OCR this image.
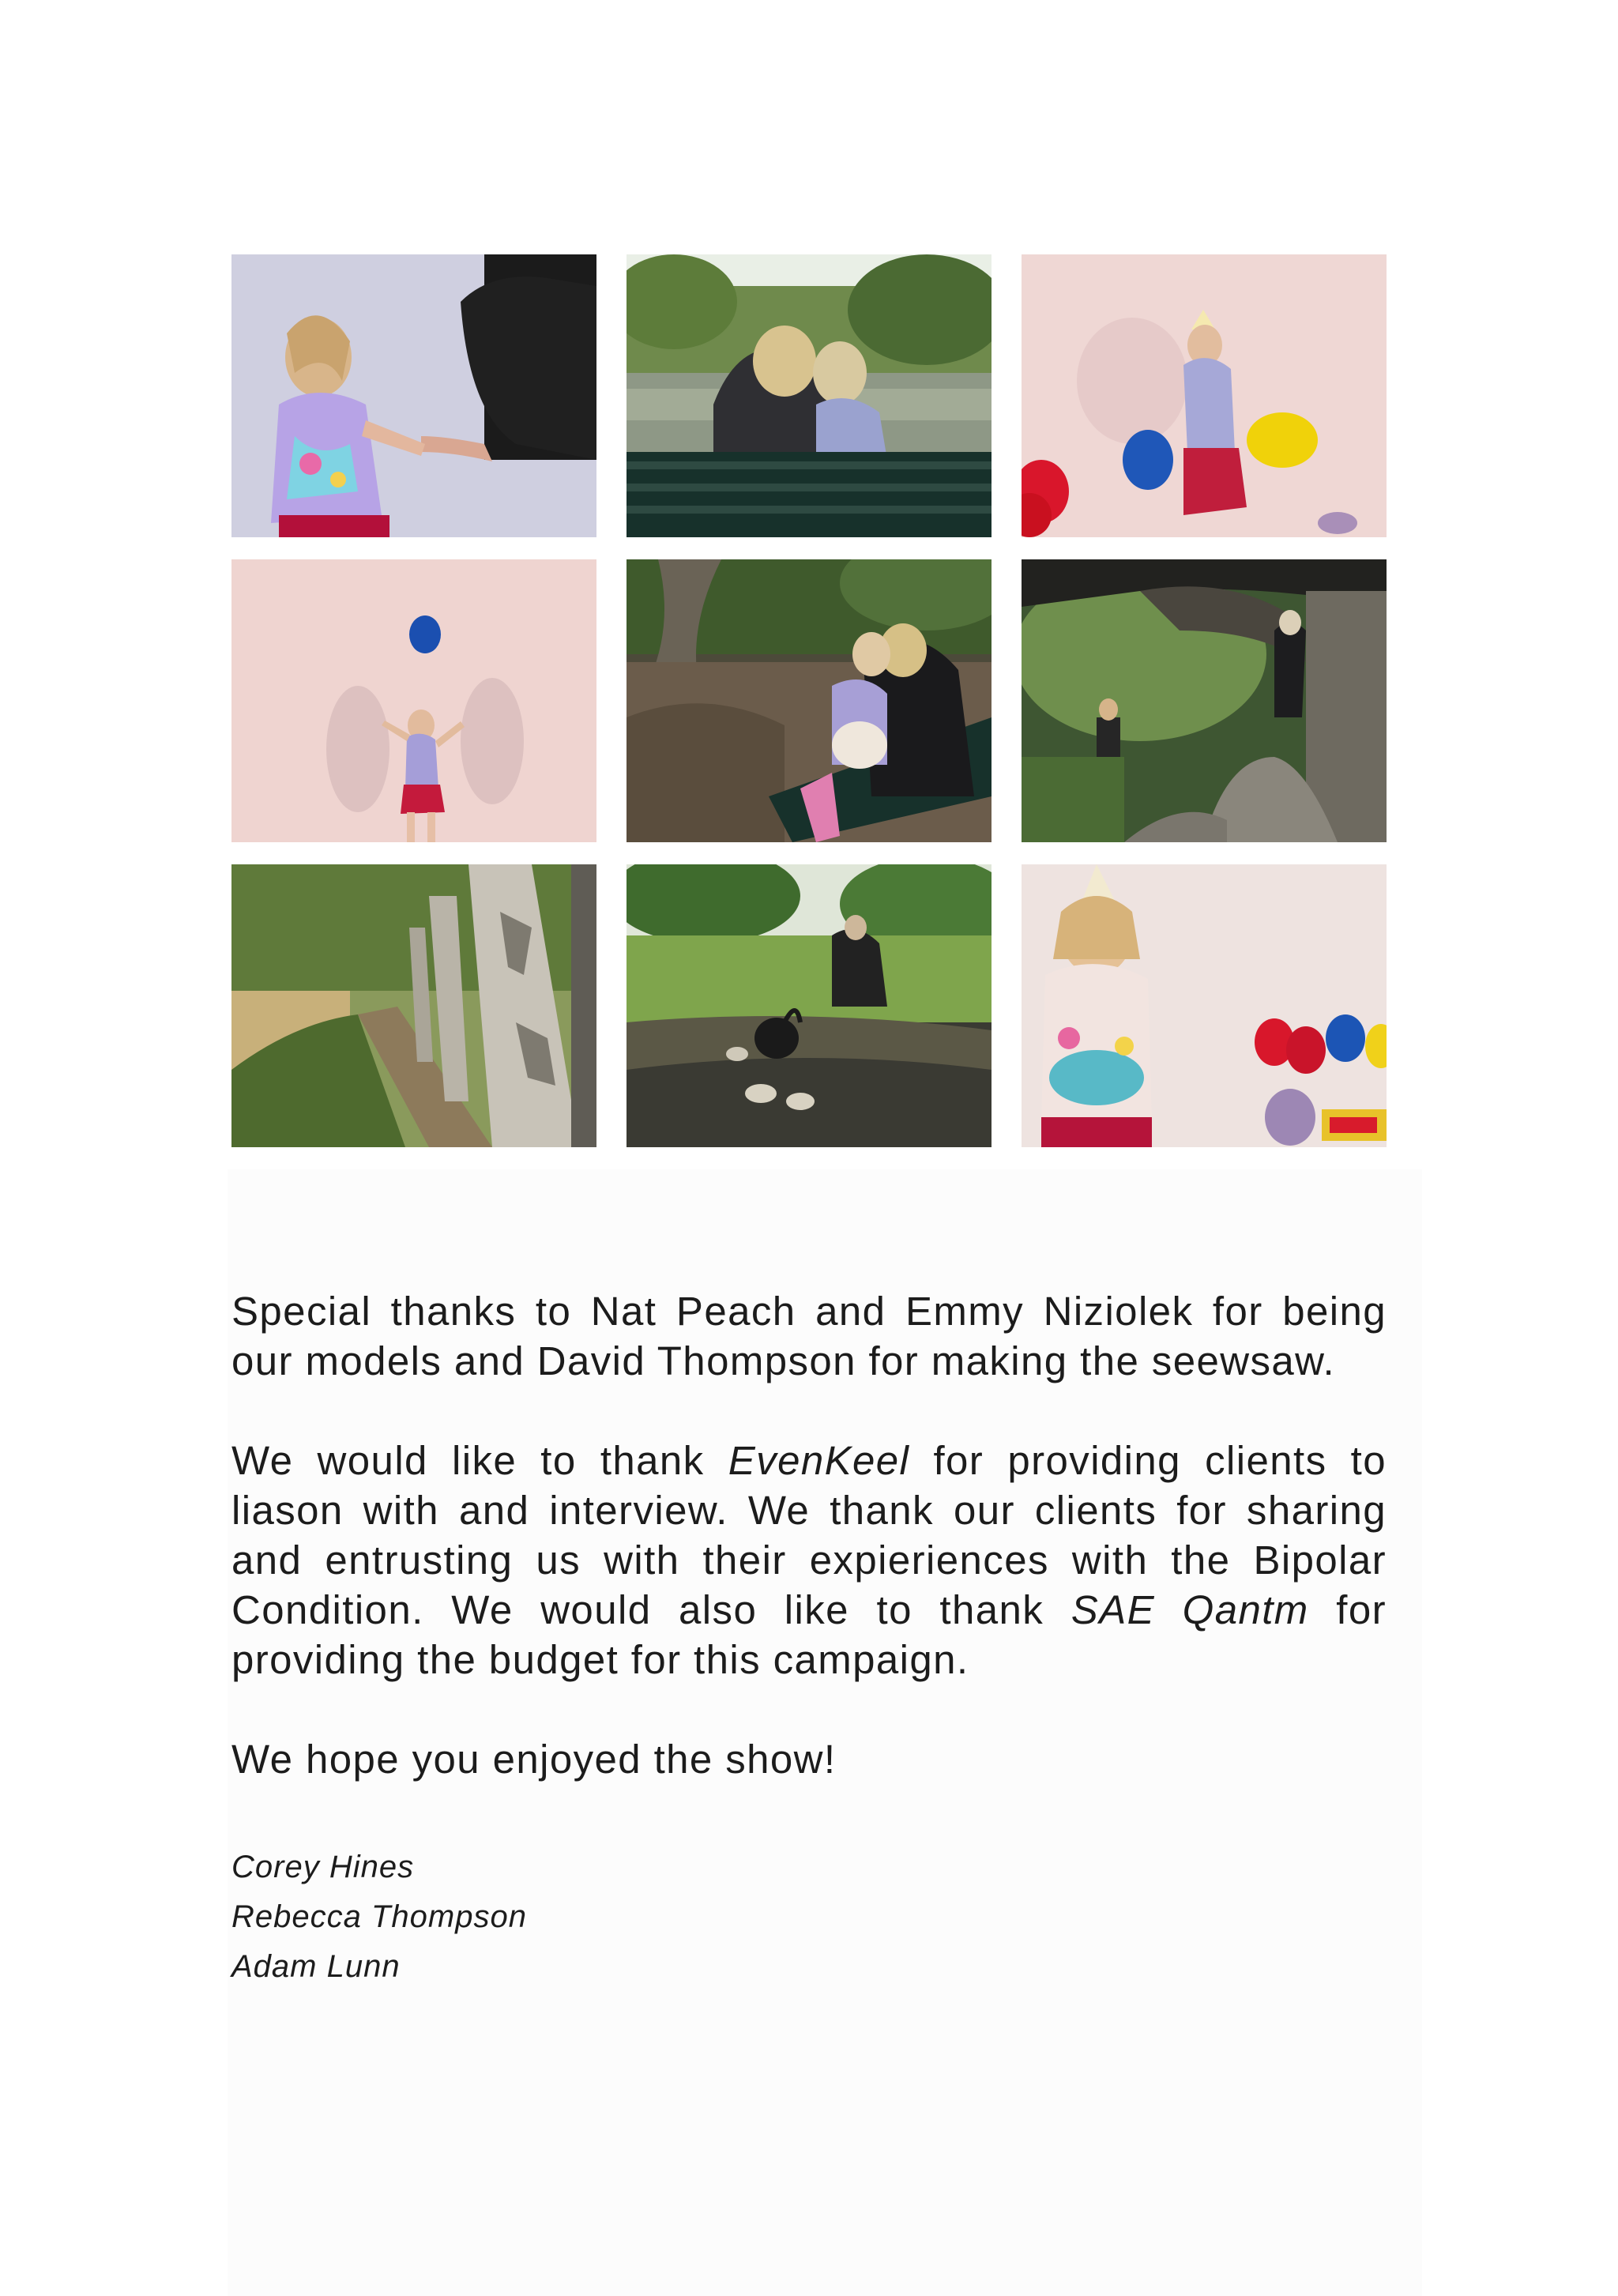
Special thanks to Nat Peach and Emmy Niziolek for being our models and David Thompson for making the seewsaw.

We would like to thank EvenKeel for providing clients to liason with and interview. We thank our clients for sharing and entrusting us with their expieriences with the Bipolar Condition. We would also like to thank SAE Qantm for providing the budget for this campaign.

We hope you enjoyed the show!

Corey Hines
Rebecca Thompson
Adam Lunn
